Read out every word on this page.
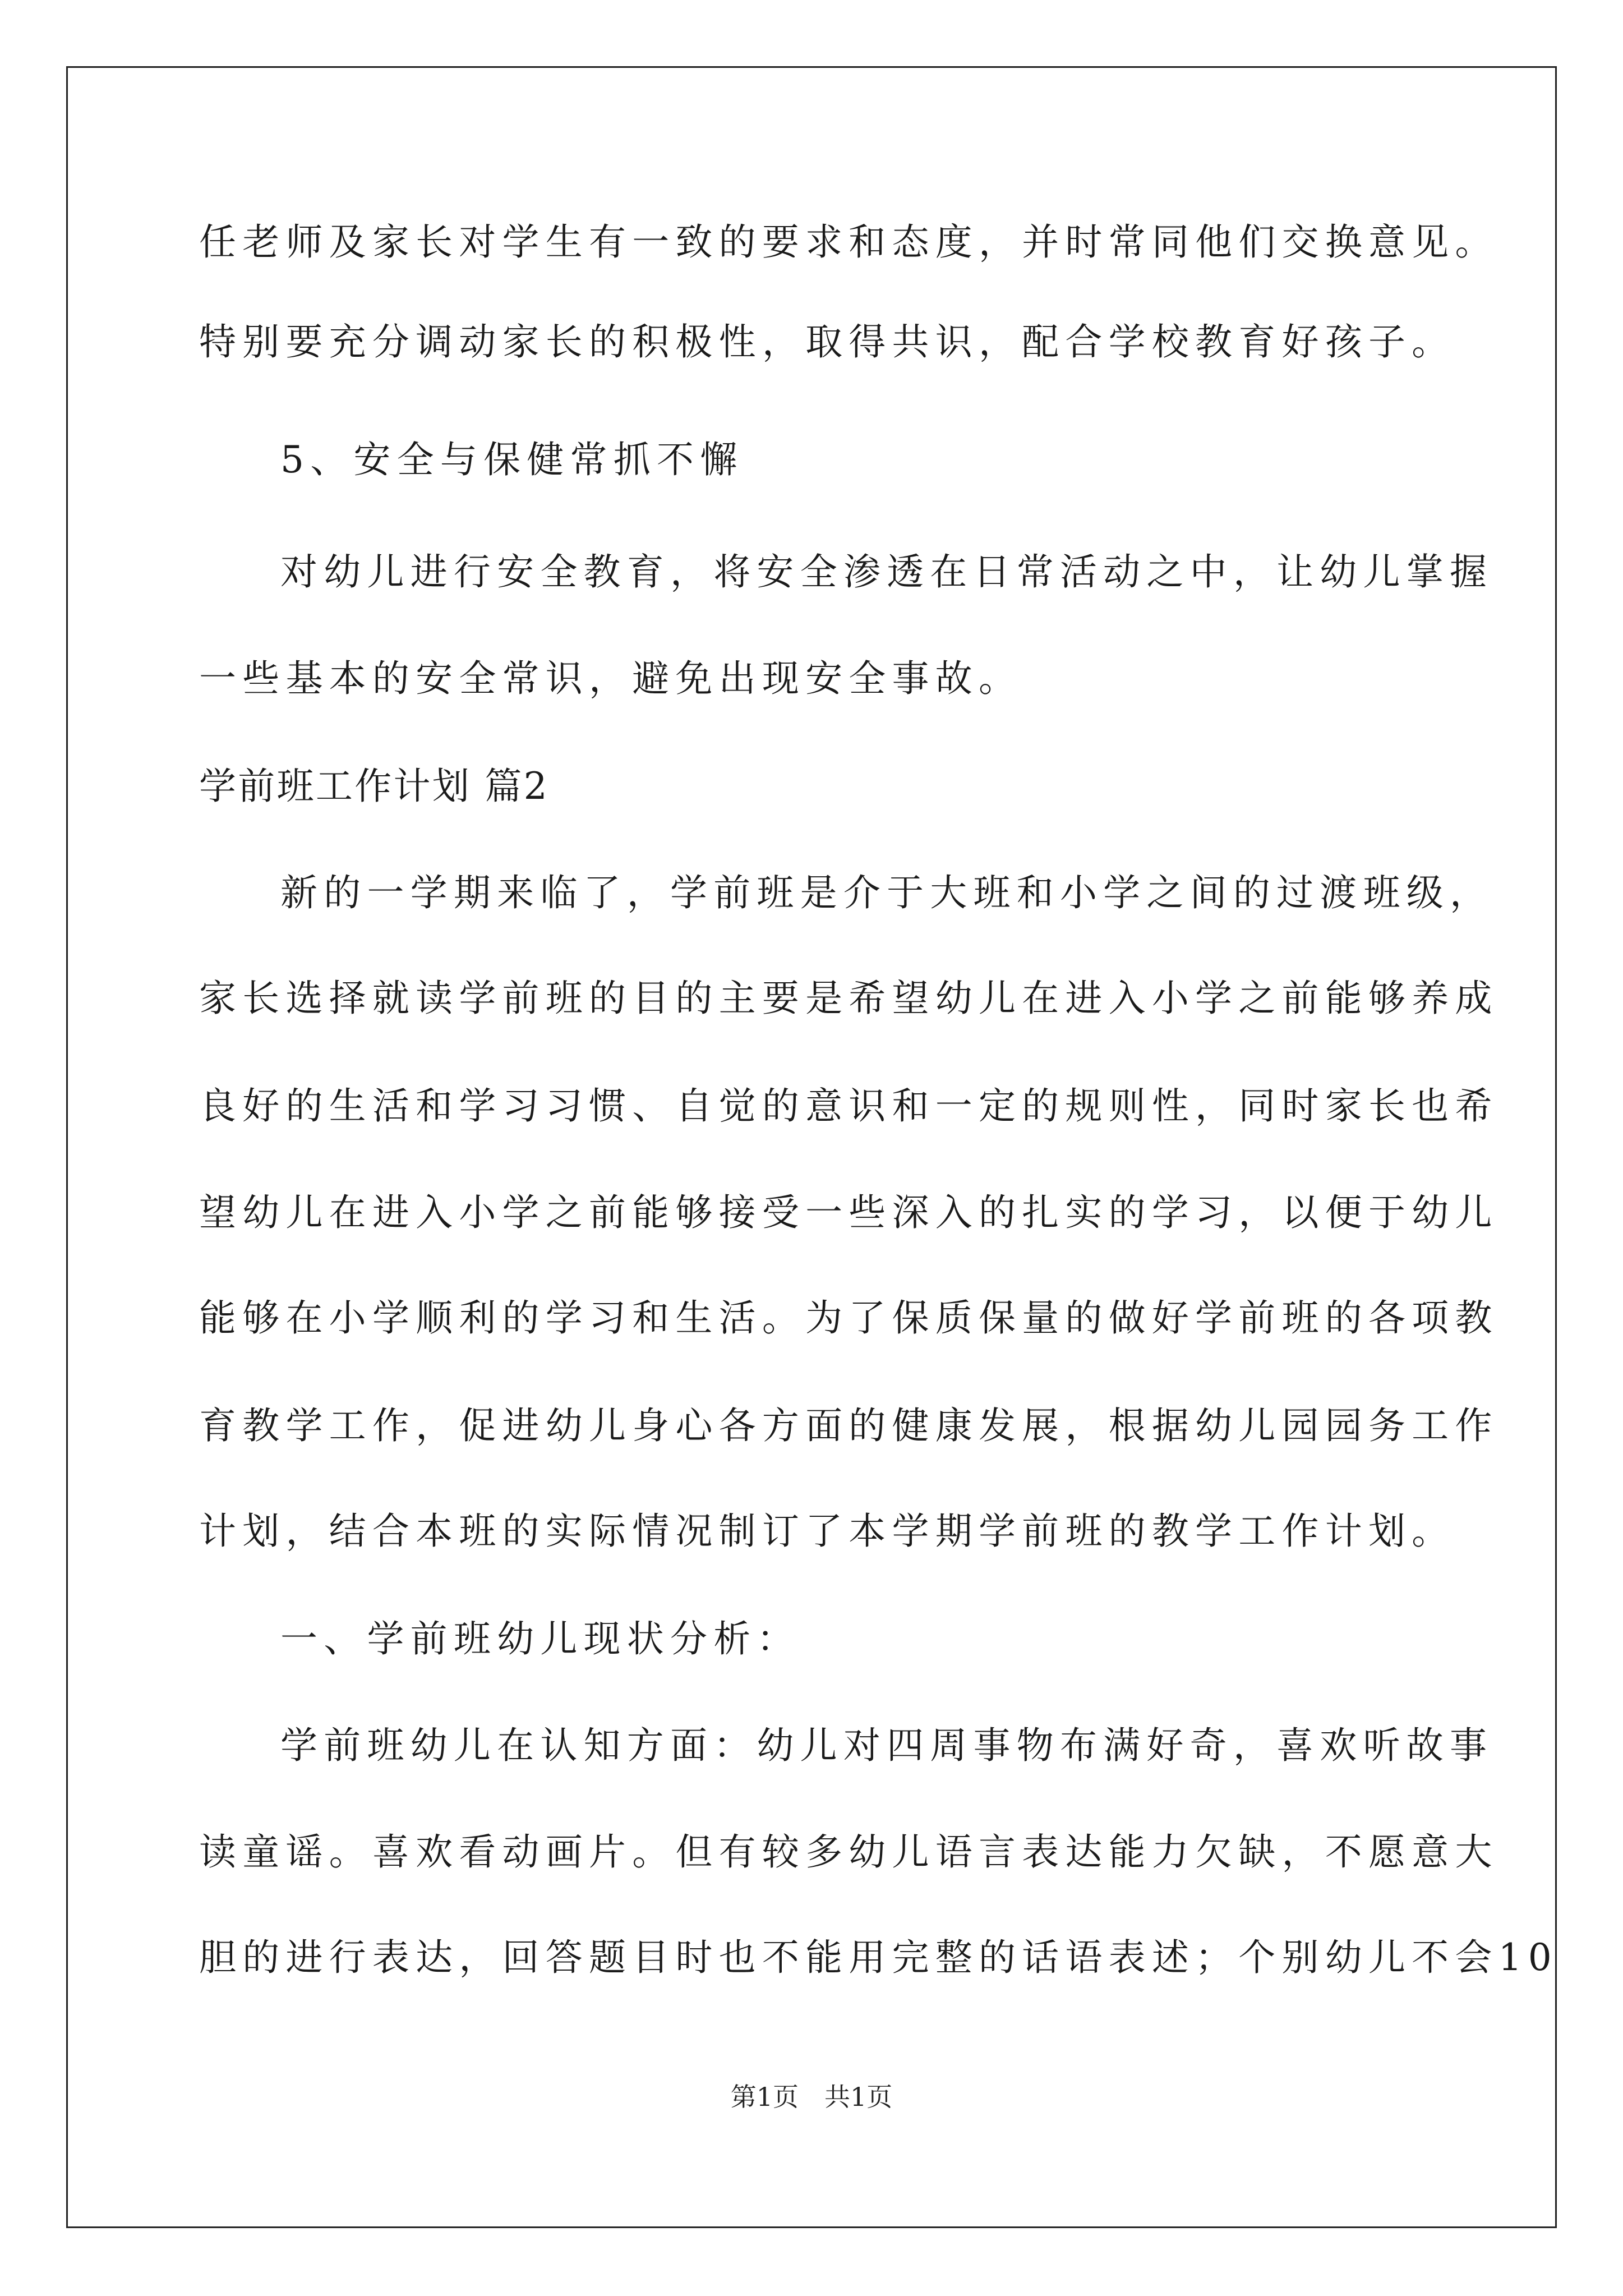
任老师及家长对学生有一致的要求和态度，并时常同他们交换意见。
特别要充分调动家长的积极性，取得共识，配合学校教育好孩子。
5、安全与保健常抓不懈
对幼儿进行安全教育，将安全渗透在日常活动之中，让幼儿掌握
一些基本的安全常识，避免出现安全事故。
学前班工作计划 篇2
新的一学期来临了，学前班是介于大班和小学之间的过渡班级，
家长选择就读学前班的目的主要是希望幼儿在进入小学之前能够养成
良好的生活和学习习惯、自觉的意识和一定的规则性，同时家长也希
望幼儿在进入小学之前能够接受一些深入的扎实的学习，以便于幼儿
能够在小学顺利的学习和生活。为了保质保量的做好学前班的各项教
育教学工作，促进幼儿身心各方面的健康发展，根据幼儿园园务工作
计划，结合本班的实际情况制订了本学期学前班的教学工作计划。
一、学前班幼儿现状分析：
学前班幼儿在认知方面：幼儿对四周事物布满好奇，喜欢听故事
读童谣。喜欢看动画片。但有较多幼儿语言表达能力欠缺，不愿意大
胆的进行表达，回答题目时也不能用完整的话语表述；个别幼儿不会10
第1页　共1页
